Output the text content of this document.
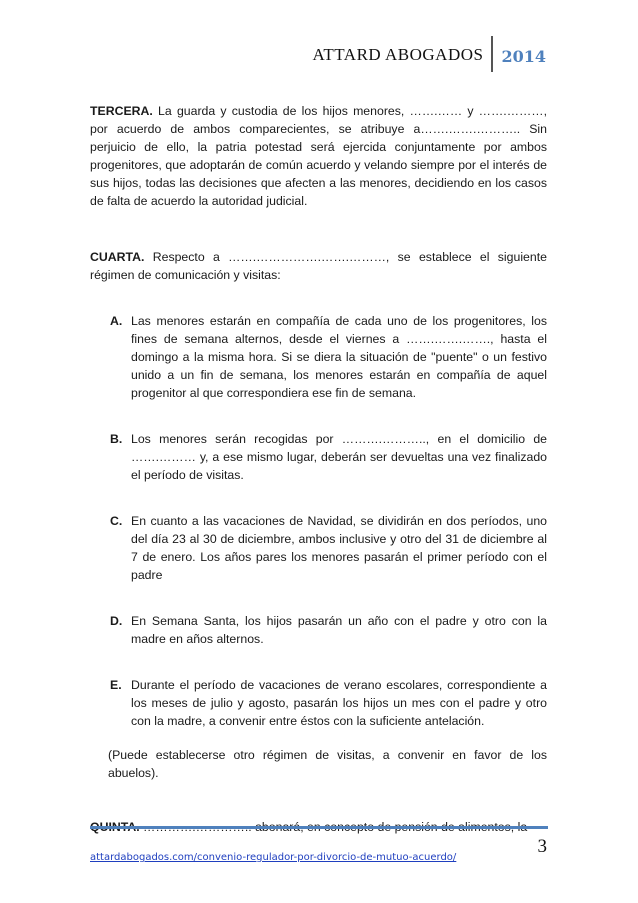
ATTARD ABOGADOS	2014

TERCERA. La guarda y custodia de los hijos menores, …….…… y …….………, por acuerdo de ambos comparecientes, se atribuye a…….…….……….. Sin perjuicio de ello, la patria potestad será ejercida conjuntamente por ambos progenitores, que adoptarán de común acuerdo y velando siempre por el interés de sus hijos, todas las decisiones que afecten a las menores, decidiendo en los casos de falta de acuerdo la autoridad judicial.

CUARTA. Respecto a …….…………….…….………, se establece el siguiente régimen de comunicación y visitas:

A. Las menores estarán en compañía de cada uno de los progenitores, los fines de semana alternos, desde el viernes a …….…….……., hasta el domingo a la misma hora. Si se diera la situación de "puente" o un festivo unido a un fin de semana, los menores estarán en compañía de aquel progenitor al que correspondiera ese fin de semana.
B. Los menores serán recogidas por ……….……….., en el domicilio de …….……… y, a ese mismo lugar, deberán ser devueltas una vez finalizado el período de visitas.
C. En cuanto a las vacaciones de Navidad, se dividirán en dos períodos, uno del día 23 al 30 de diciembre, ambos inclusive y otro del 31 de diciembre al 7 de enero. Los años pares los menores pasarán el primer período con el padre
D. En Semana Santa, los hijos pasarán un año con el padre y otro con la madre en años alternos.
E. Durante el período de vacaciones de verano escolares, correspondiente a los meses de julio y agosto, pasarán los hijos un mes con el padre y otro con la madre, a convenir entre éstos con la suficiente antelación.

(Puede establecerse otro régimen de visitas, a convenir en favor de los abuelos).

3
attardabogados.com/convenio-regulador-por-divorcio-de-mutuo-acuerdo/
